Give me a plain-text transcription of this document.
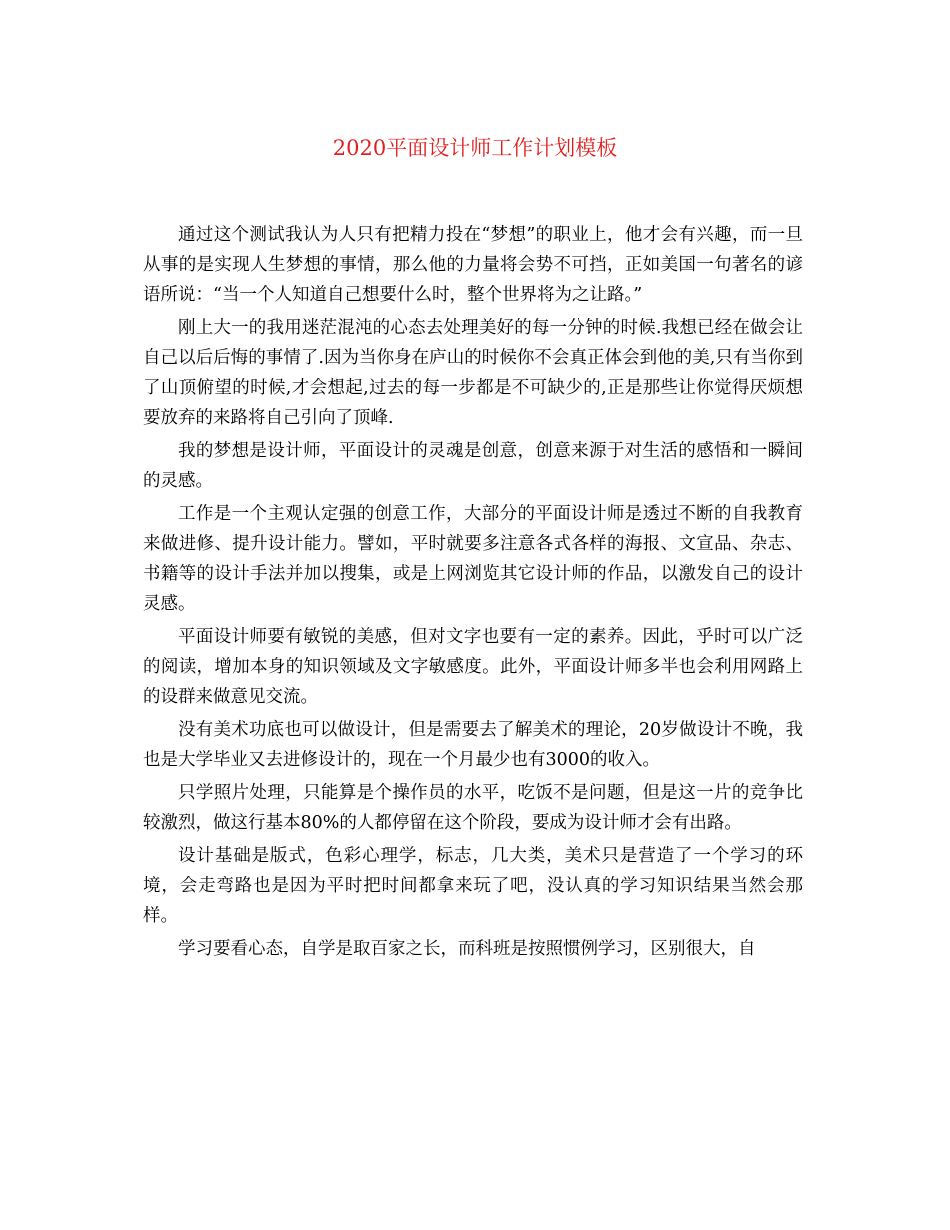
2020平面设计师工作计划模板

通过这个测试我认为人只有把精力投在“梦想”的职业上，他才会有兴趣，而一旦从事的是实现人生梦想的事情，那么他的力量将会势不可挡，正如美国一句著名的谚语所说：“当一个人知道自己想要什么时，整个世界将为之让路。”

刚上大一的我用迷茫混沌的心态去处理美好的每一分钟的时候.我想已经在做会让自己以后后悔的事情了.因为当你身在庐山的时候你不会真正体会到他的美,只有当你到了山顶俯望的时候,才会想起,过去的每一步都是不可缺少的,正是那些让你觉得厌烦想要放弃的来路将自己引向了顶峰.

我的梦想是设计师，平面设计的灵魂是创意，创意来源于对生活的感悟和一瞬间的灵感。

工作是一个主观认定强的创意工作，大部分的平面设计师是透过不断的自我教育来做进修、提升设计能力。譬如，平时就要多注意各式各样的海报、文宣品、杂志、书籍等的设计手法并加以搜集，或是上网浏览其它设计师的作品，以激发自己的设计灵感。

平面设计师要有敏锐的美感，但对文字也要有一定的素养。因此，乎时可以广泛的阅读，增加本身的知识领域及文字敏感度。此外，平面设计师多半也会利用网路上的设群来做意见交流。

没有美术功底也可以做设计，但是需要去了解美术的理论，20岁做设计不晚，我也是大学毕业又去进修设计的，现在一个月最少也有3000的收入。

只学照片处理，只能算是个操作员的水平，吃饭不是问题，但是这一片的竞争比较激烈，做这行基本80%的人都停留在这个阶段，要成为设计师才会有出路。

设计基础是版式，色彩心理学，标志，几大类，美术只是营造了一个学习的环境，会走弯路也是因为平时把时间都拿来玩了吧，没认真的学习知识结果当然会那样。

学习要看心态，自学是取百家之长，而科班是按照惯例学习，区别很大，自
